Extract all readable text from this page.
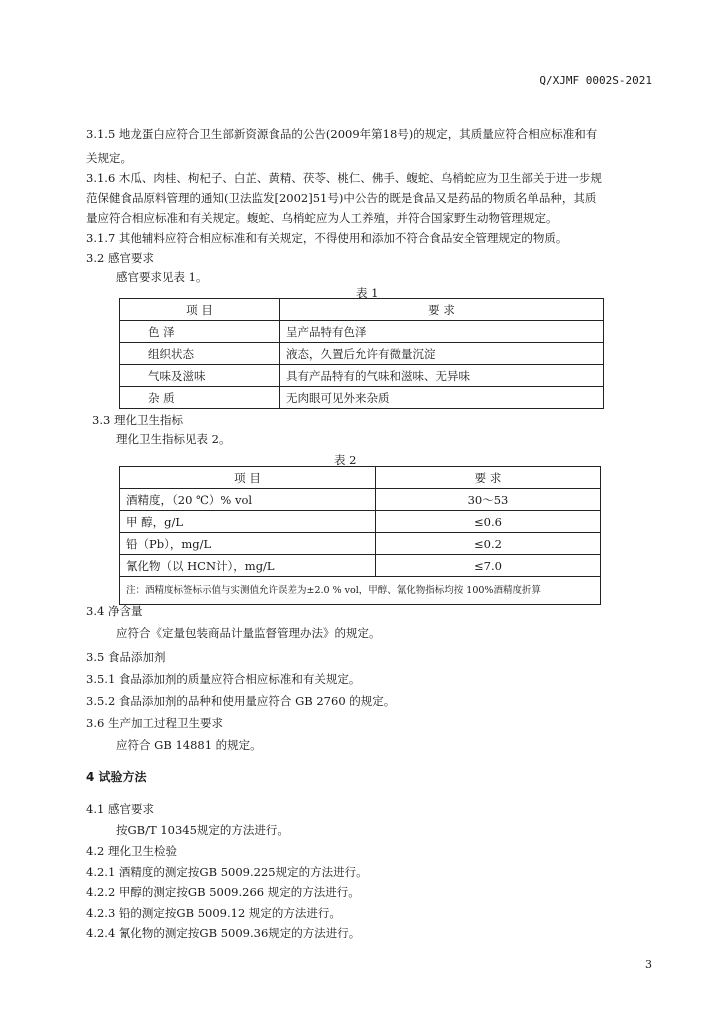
Q/XJMF 0002S-2021
3.1.5 地龙蛋白应符合卫生部新资源食品的公告(2009年第18号)的规定，其质量应符合相应标准和有
关规定。
3.1.6 木瓜、肉桂、枸杞子、白芷、黄精、茯苓、桃仁、佛手、蝮蛇、乌梢蛇应为卫生部关于进一步规
范保健食品原料管理的通知(卫法监发[2002]51号)中公告的既是食品又是药品的物质名单品种，其质
量应符合相应标准和有关规定。蝮蛇、乌梢蛇应为人工养殖，并符合国家野生动物管理规定。
3.1.7 其他辅料应符合相应标准和有关规定，不得使用和添加不符合食品安全管理规定的物质。
3.2 感官要求
感官要求见表 1。
表 1
项 目	要 求
色 泽	呈产品特有色泽
组织状态	液态，久置后允许有微量沉淀
气味及滋味	具有产品特有的气味和滋味、无异味
杂 质	无肉眼可见外来杂质
3.3 理化卫生指标
理化卫生指标见表 2。
表 2
项 目	要 求
酒精度，（20 ℃）% vol	30～53
甲 醇，g/L	≤0.6
铅（Pb），mg/L	≤0.2
氰化物（以 HCN计），mg/L	≤7.0
注：酒精度标签标示值与实测值允许误差为±2.0 % vol，甲醇、氰化物指标均按 100%酒精度折算	
3.4 净含量
应符合《定量包装商品计量监督管理办法》的规定。
3.5 食品添加剂
3.5.1 食品添加剂的质量应符合相应标准和有关规定。
3.5.2 食品添加剂的品种和使用量应符合 GB 2760 的规定。
3.6 生产加工过程卫生要求
应符合 GB 14881 的规定。
4 试验方法
4.1 感官要求
按GB/T 10345规定的方法进行。
4.2 理化卫生检验
4.2.1 酒精度的测定按GB 5009.225规定的方法进行。
4.2.2 甲醇的测定按GB 5009.266 规定的方法进行。
4.2.3 铅的测定按GB 5009.12 规定的方法进行。
4.2.4 氰化物的测定按GB 5009.36规定的方法进行。
3
